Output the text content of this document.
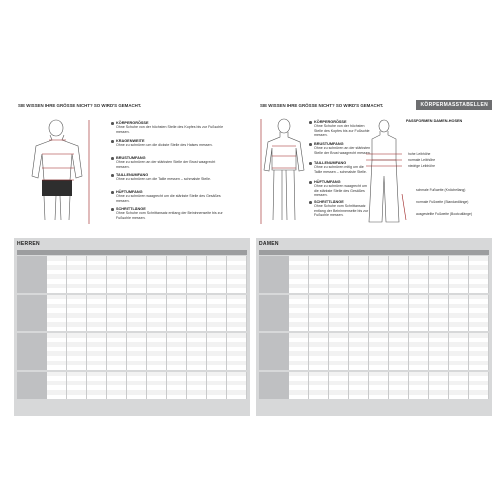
SIE WISSEN IHRE GRÖSSE NICHT? SO WIRD'S GEMACHT.
KÖRPERGRÖSSE
Ohne Schuhe von der höchsten Stelle des Kopfes bis zur Fußsohle messen.
KRAGENWEITE
Ohne zu schnüren um die dickste Stelle des Halses messen.
BRUSTUMFANG
Ohne zu schnüren an der stärksten Stelle der Brust waagrecht messen.
TAILLENUMFANG
Ohne zu schnüren um die Taille messen – schmalste Stelle.
HÜFTUMFANG
Ohne zu schnüren waagrecht um die stärkste Stelle des Gesäßes messen.
SCHRITTLÄNGE
Ohne Schuhe vom Schrittansatz entlang der Beininnenseite bis zur Fußsohle messen.
HERREN
SIE WISSEN IHRE GRÖSSE NICHT? SO WIRD'S GEMACHT.	KÖRPERMASSTABELLEN
KÖRPERGRÖSSE
Ohne Schuhe von der höchsten Stelle des Kopfes bis zur Fußsohle messen.
BRUSTUMFANG
Ohne zu schnüren an der stärksten Stelle der Brust waagrecht messen.
TAILLENUMFANG
Ohne zu schnüren mitig um die Taille messen – schmalste Stelle.
HÜFTUMFANG
Ohne zu schnüren waagrecht um die stärkste Stelle des Gesäßes messen.
SCHRITTLÄNGE
Ohne Schuhe vom Schrittansatz entlang der Beininnenseite bis zur Fußsohle messen.
PASSFORMEN DAMEN-HOSEN
hohe Leibhöhe
normale Leibhöhe
niedrige Leibhöhe
schmale Fußweite (Knöchellang)
normale Fußweite (Standardlänge)
ausgestellte Fußweite (Bootcutlänge)
DAMEN
